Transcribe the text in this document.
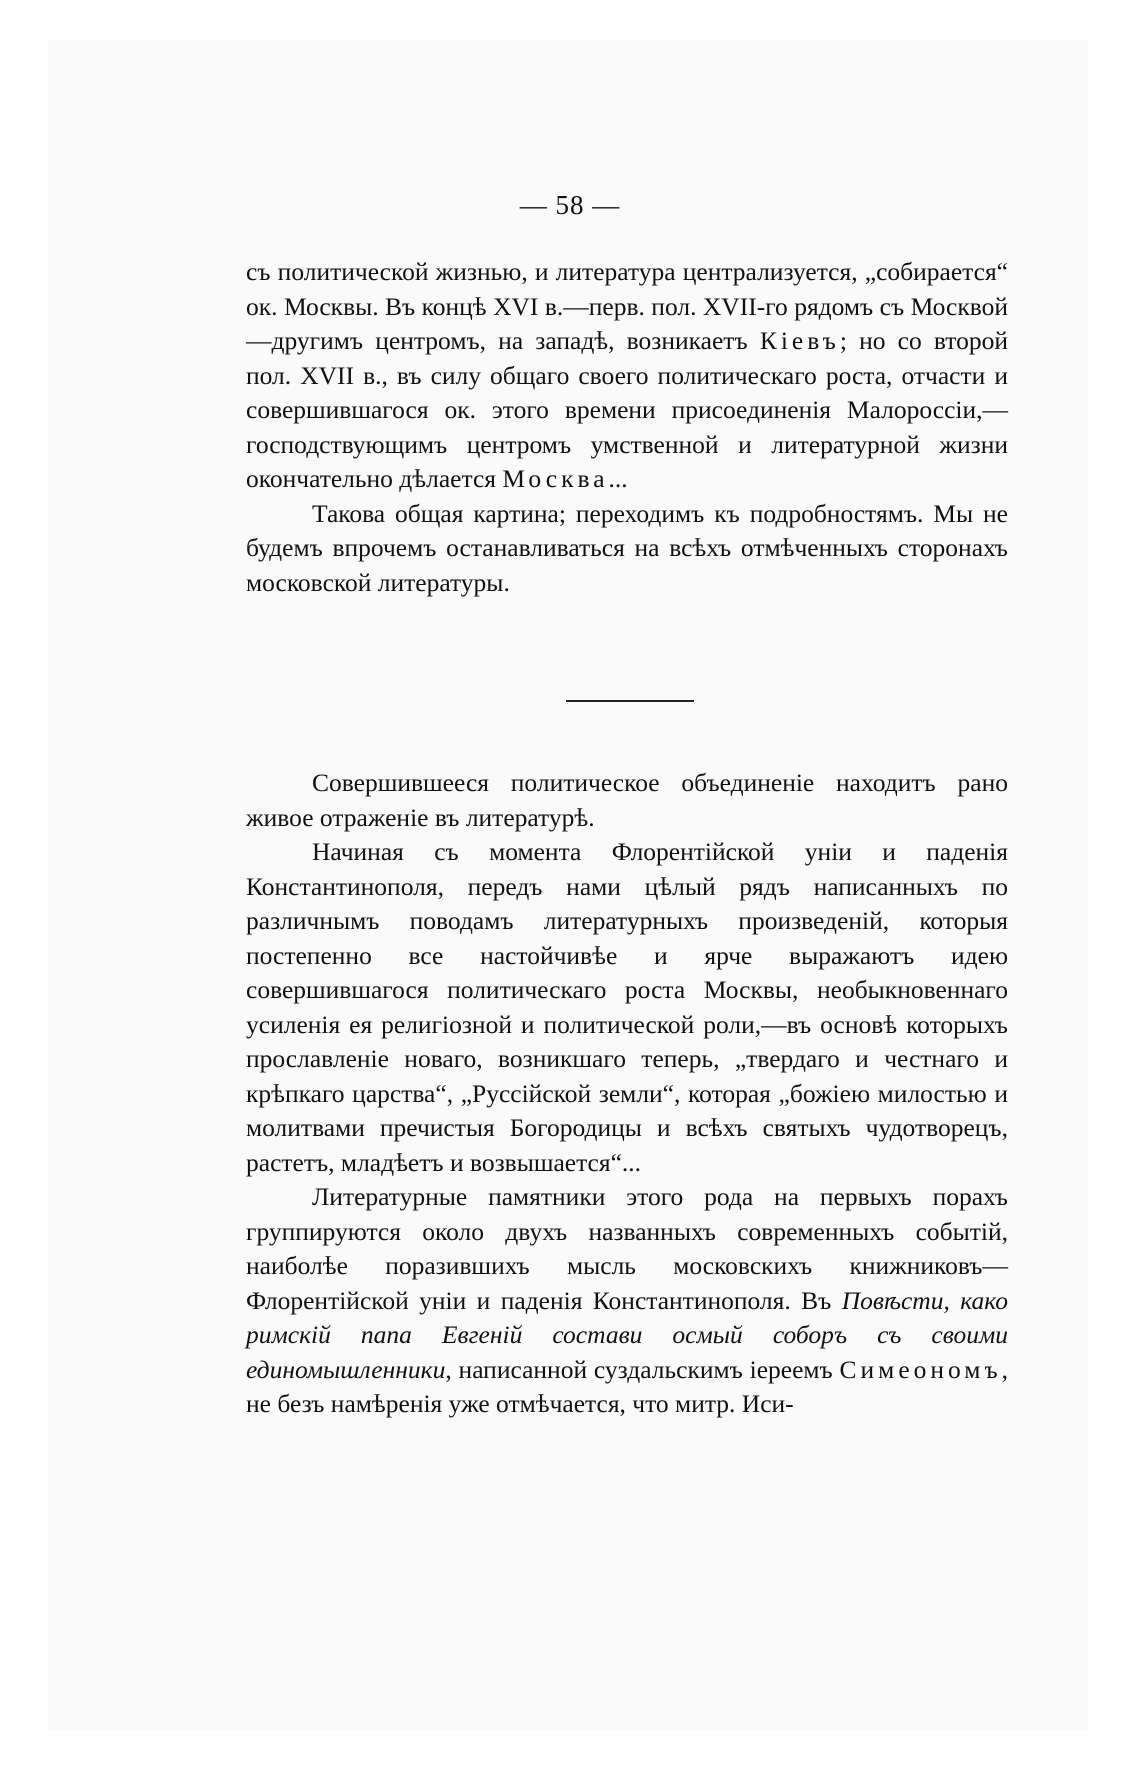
— 58 —

съ политической жизнью, и литература централизуется, „собирается“ ок. Москвы. Въ концѣ XVI в.—перв. пол. XVII-го рядомъ съ Москвой—другимъ центромъ, на западѣ, возникаетъ Кіевъ; но со второй пол. XVII в., въ силу общаго своего политическаго роста, отчасти и совершившагося ок. этого времени присоединенія Малороссіи,—господствующимъ центромъ умственной и литературной жизни окончательно дѣлается Москва...

Такова общая картина; переходимъ къ подробностямъ. Мы не будемъ впрочемъ останавливаться на всѣхъ отмѣченныхъ сторонахъ московской литературы.

Совершившееся политическое объединеніе находитъ рано живое отраженіе въ литературѣ.

Начиная съ момента Флорентійской уніи и паденія Константинополя, передъ нами цѣлый рядъ написанныхъ по различнымъ поводамъ литературныхъ произведеній, которыя постепенно все настойчивѣе и ярче выражаютъ идею совершившагося политическаго роста Москвы, необыкновеннаго усиленія ея религіозной и политической роли,—въ основѣ которыхъ прославленіе новаго, возникшаго теперь, „твердаго и честнаго и крѣпкаго царства“, „Руссійской земли“, которая „божіею милостью и молитвами пречистыя Богородицы и всѣхъ святыхъ чудотворецъ, растетъ, младѣетъ и возвышается“...

Литературные памятники этого рода на первыхъ порахъ группируются около двухъ названныхъ современныхъ событій, наиболѣе поразившихъ мысль московскихъ книжниковъ—Флорентійской уніи и паденія Константинополя. Въ Повѣсти, како римскій папа Евгеній состави осмый соборъ съ своими единомышленники, написанной суздальскимъ іереемъ Симеономъ, не безъ намѣренія уже отмѣчается, что митр. Иси-
